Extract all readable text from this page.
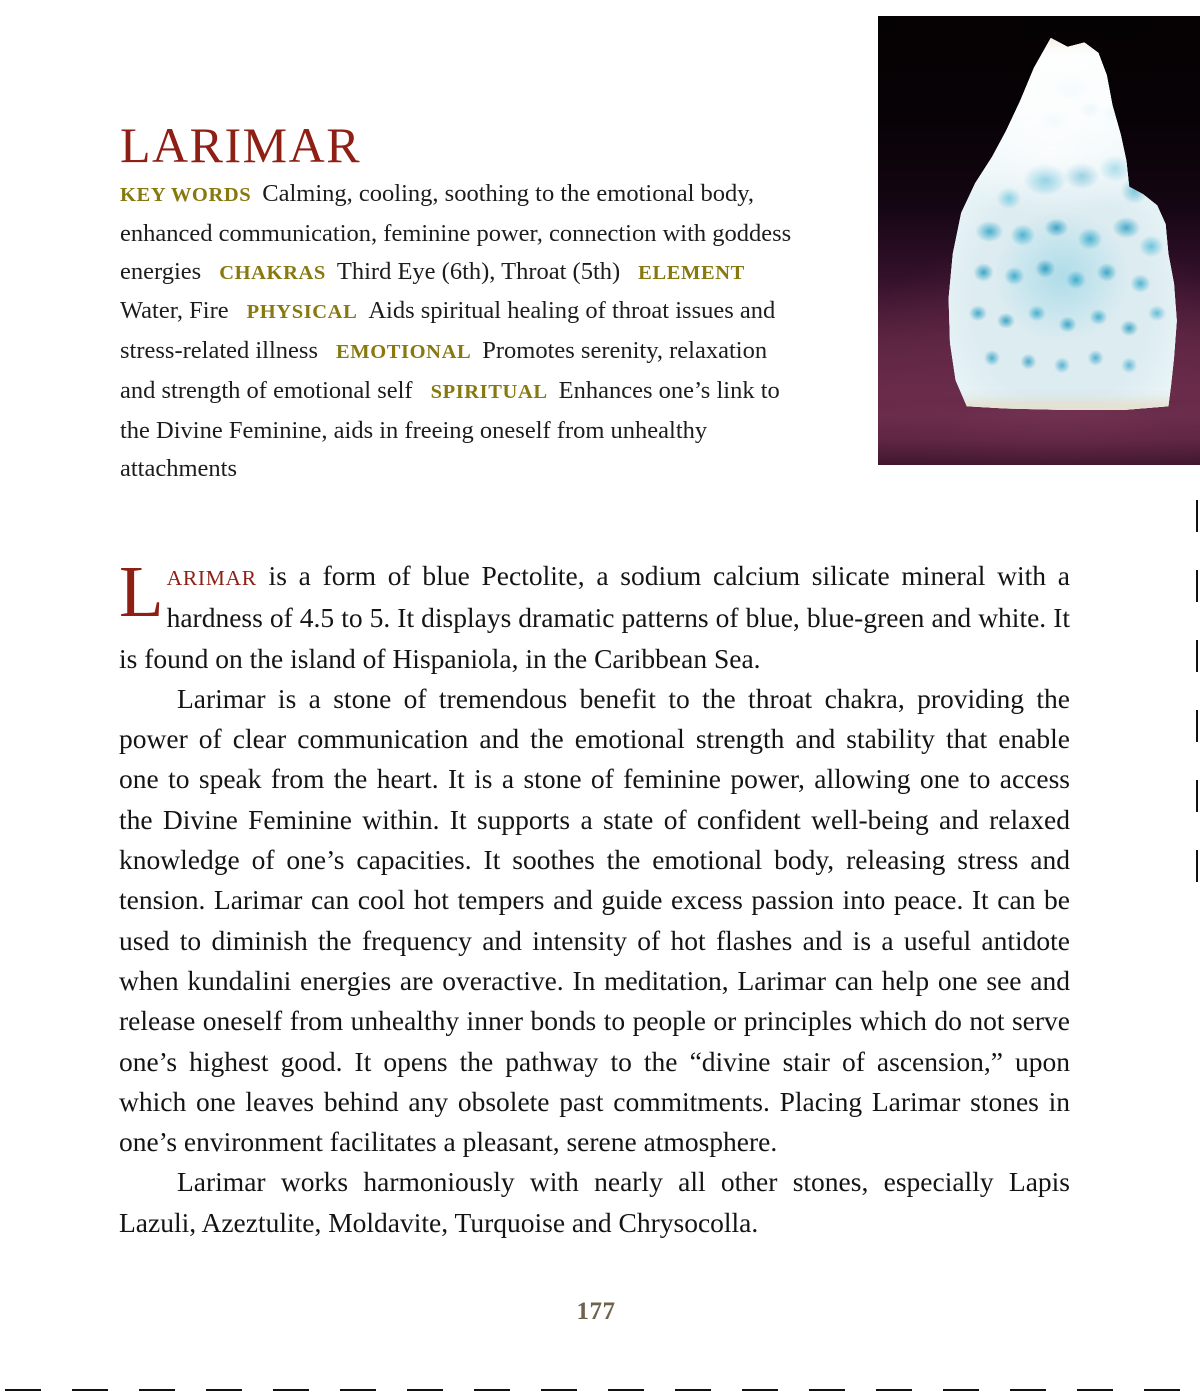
LARIMAR
KEY WORDS Calming, cooling, soothing to the emotional body, enhanced communication, feminine power, connection with goddess energies CHAKRAS Third Eye (6th), Throat (5th) ELEMENTWater, Fire PHYSICAL Aids spiritual healing of throat issues and stress-related illness EMOTIONAL Promotes serenity, relaxation and strength of emotional self SPIRITUAL Enhances one’s link to the Divine Feminine, aids in freeing oneself from unhealthy attachments

LARIMAR is a form of blue Pectolite, a sodium calcium silicate mineral with a hardness of 4.5 to 5. It displays dramatic patterns of blue, blue-green and white. It is found on the island of Hispaniola, in the Caribbean Sea.

Larimar is a stone of tremendous benefit to the throat chakra, providing the power of clear communication and the emotional strength and stability that enable one to speak from the heart. It is a stone of feminine power, allowing one to access the Divine Feminine within. It supports a state of confident well-being and relaxed knowledge of one’s capacities. It soothes the emotional body, releasing stress and tension. Larimar can cool hot tempers and guide excess passion into peace. It can be used to diminish the frequency and intensity of hot flashes and is a useful antidote when kundalini energies are overactive. In meditation, Larimar can help one see and release oneself from unhealthy inner bonds to people or principles which do not serve one’s highest good. It opens the pathway to the “divine stair of ascension,” upon which one leaves behind any obsolete past commitments. Placing Larimar stones in one’s environment facilitates a pleasant, serene atmosphere.

Larimar works harmoniously with nearly all other stones, especially Lapis Lazuli, Azeztulite, Moldavite, Turquoise and Chrysocolla.

177
